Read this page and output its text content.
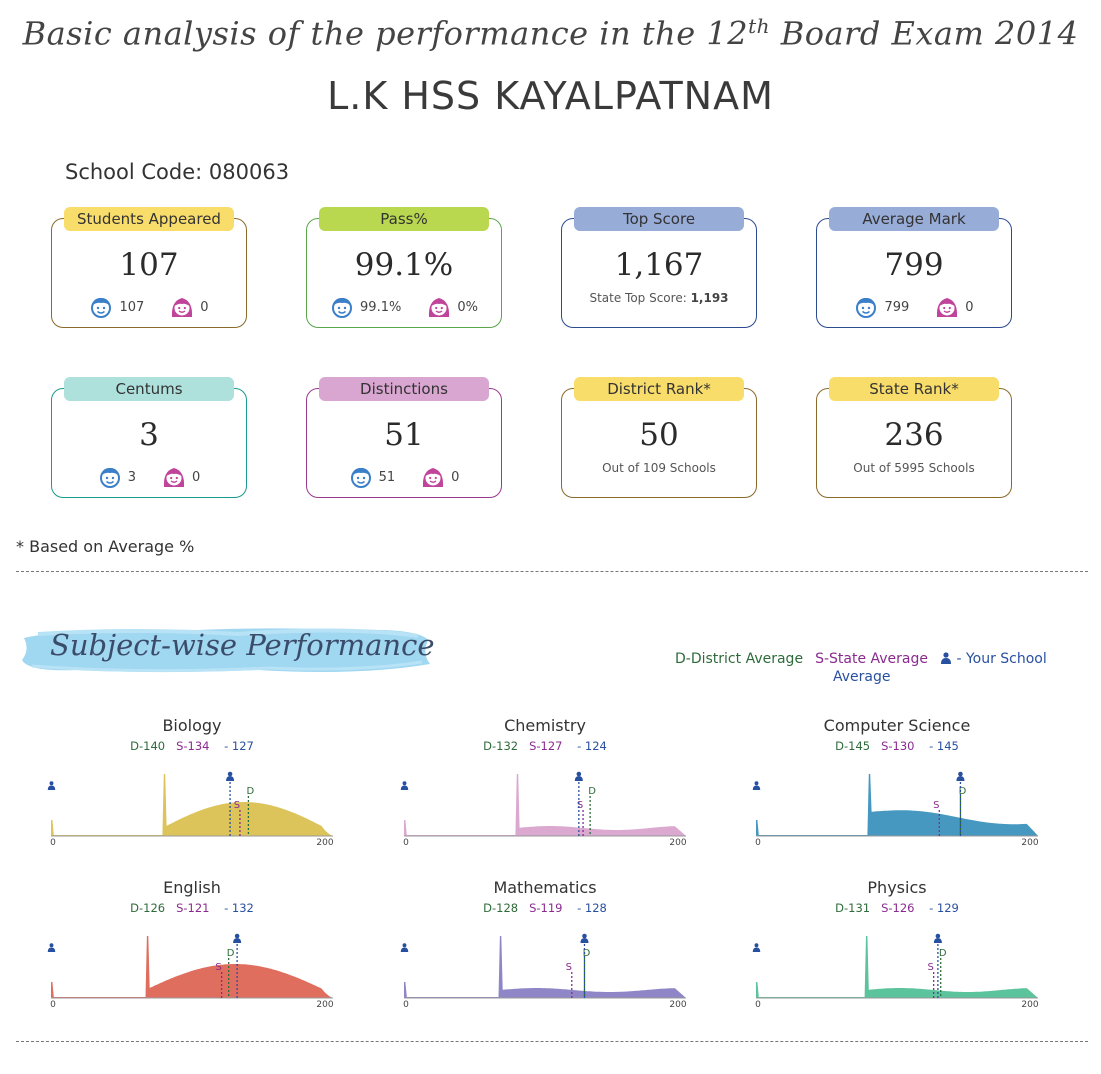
Basic analysis of the performance in the 12th Board Exam 2014
L.K HSS KAYALPATNAM
School Code: 080063
Students Appeared
107
107	0
Pass%
99.1%
99.1%	0%
Top Score
1,167
State Top Score: 1,193
Average Mark
799
799	0
Centums
3
3	0
Distinctions
51
51	0
District Rank*
50
Out of 109 Schools
State Rank*
236
Out of 5995 Schools
* Based on Average %
Subject-wise Performance	D-District Average S-State Average	- Your School
Average
Biology
D-140 S-134
- 127
S
D
0	200
Chemistry
D-132 S-127
- 124
S
D
0	200
Computer Science
D-145 S-130
- 145
S
D
0	200
English
D-126 S-121
- 132
S
D
0	200
Mathematics
D-128 S-119
- 128
S
D
0	200
Physics
D-131 S-126
- 129
S
D
0	200
